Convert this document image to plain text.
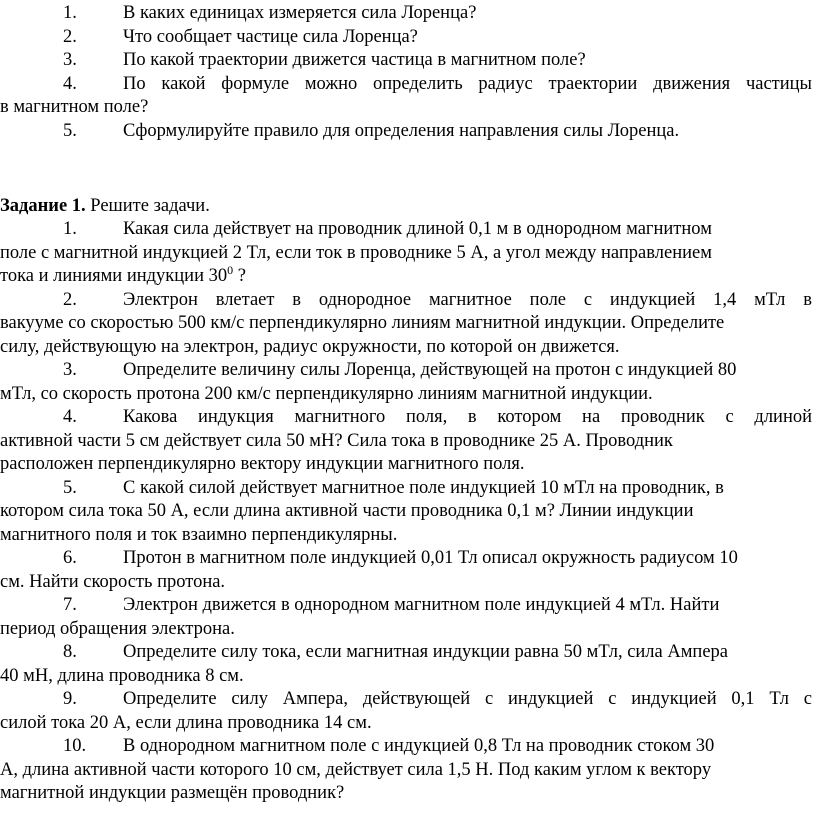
1.	В каких единицах измеряется сила Лоренца?
2.	Что сообщает частице сила Лоренца?
3.	По какой траектории движется частица в магнитном поле?
4.	По какой формуле можно определить радиус траектории движения частицы
в магнитном поле?
5.	Сформулируйте правило для определения направления силы Лоренца.

Задание 1. Решите задачи.

1.	Какая сила действует на проводник длиной 0,1 м в однородном магнитном
поле с магнитной индукцией 2 Тл, если ток в проводнике 5 А, а угол между направлением
тока и линиями индукции $30^0$ ?
2.	Электрон влетает в однородное магнитное поле с индукцией 1,4 мТл в
вакууме со скоростью 500 км/с перпендикулярно линиям магнитной индукции. Определите
силу, действующую на электрон, радиус окружности, по которой он движется.
3.	Определите величину силы Лоренца, действующей на протон с индукцией 80
мТл, со скорость протона 200 км/с перпендикулярно линиям магнитной индукции.
4.	Какова индукция магнитного поля, в котором на проводник с длиной
активной части 5 см действует сила 50 мН? Сила тока в проводнике 25 А. Проводник
расположен перпендикулярно вектору индукции магнитного поля.
5.	С какой силой действует магнитное поле индукцией 10 мТл на проводник, в
котором сила тока 50 А, если длина активной части проводника 0,1 м? Линии индукции
магнитного поля и ток взаимно перпендикулярны.
6.	Протон в магнитном поле индукцией 0,01 Тл описал окружность радиусом 10
см. Найти скорость протона.
7.	Электрон движется в однородном магнитном поле индукцией 4 мТл. Найти
период обращения электрона.
8.	Определите силу тока, если магнитная индукции равна 50 мТл, сила Ампера
40 мН, длина проводника 8 см.
9.	Определите силу Ампера, действующей с индукцией с индукцией 0,1 Тл с
силой тока 20 А, если длина проводника 14 см.
10.	В однородном магнитном поле с индукцией 0,8 Тл на проводник стоком 30
А, длина активной части которого 10 см, действует сила 1,5 Н. Под каким углом к вектору
магнитной индукции размещён проводник?
